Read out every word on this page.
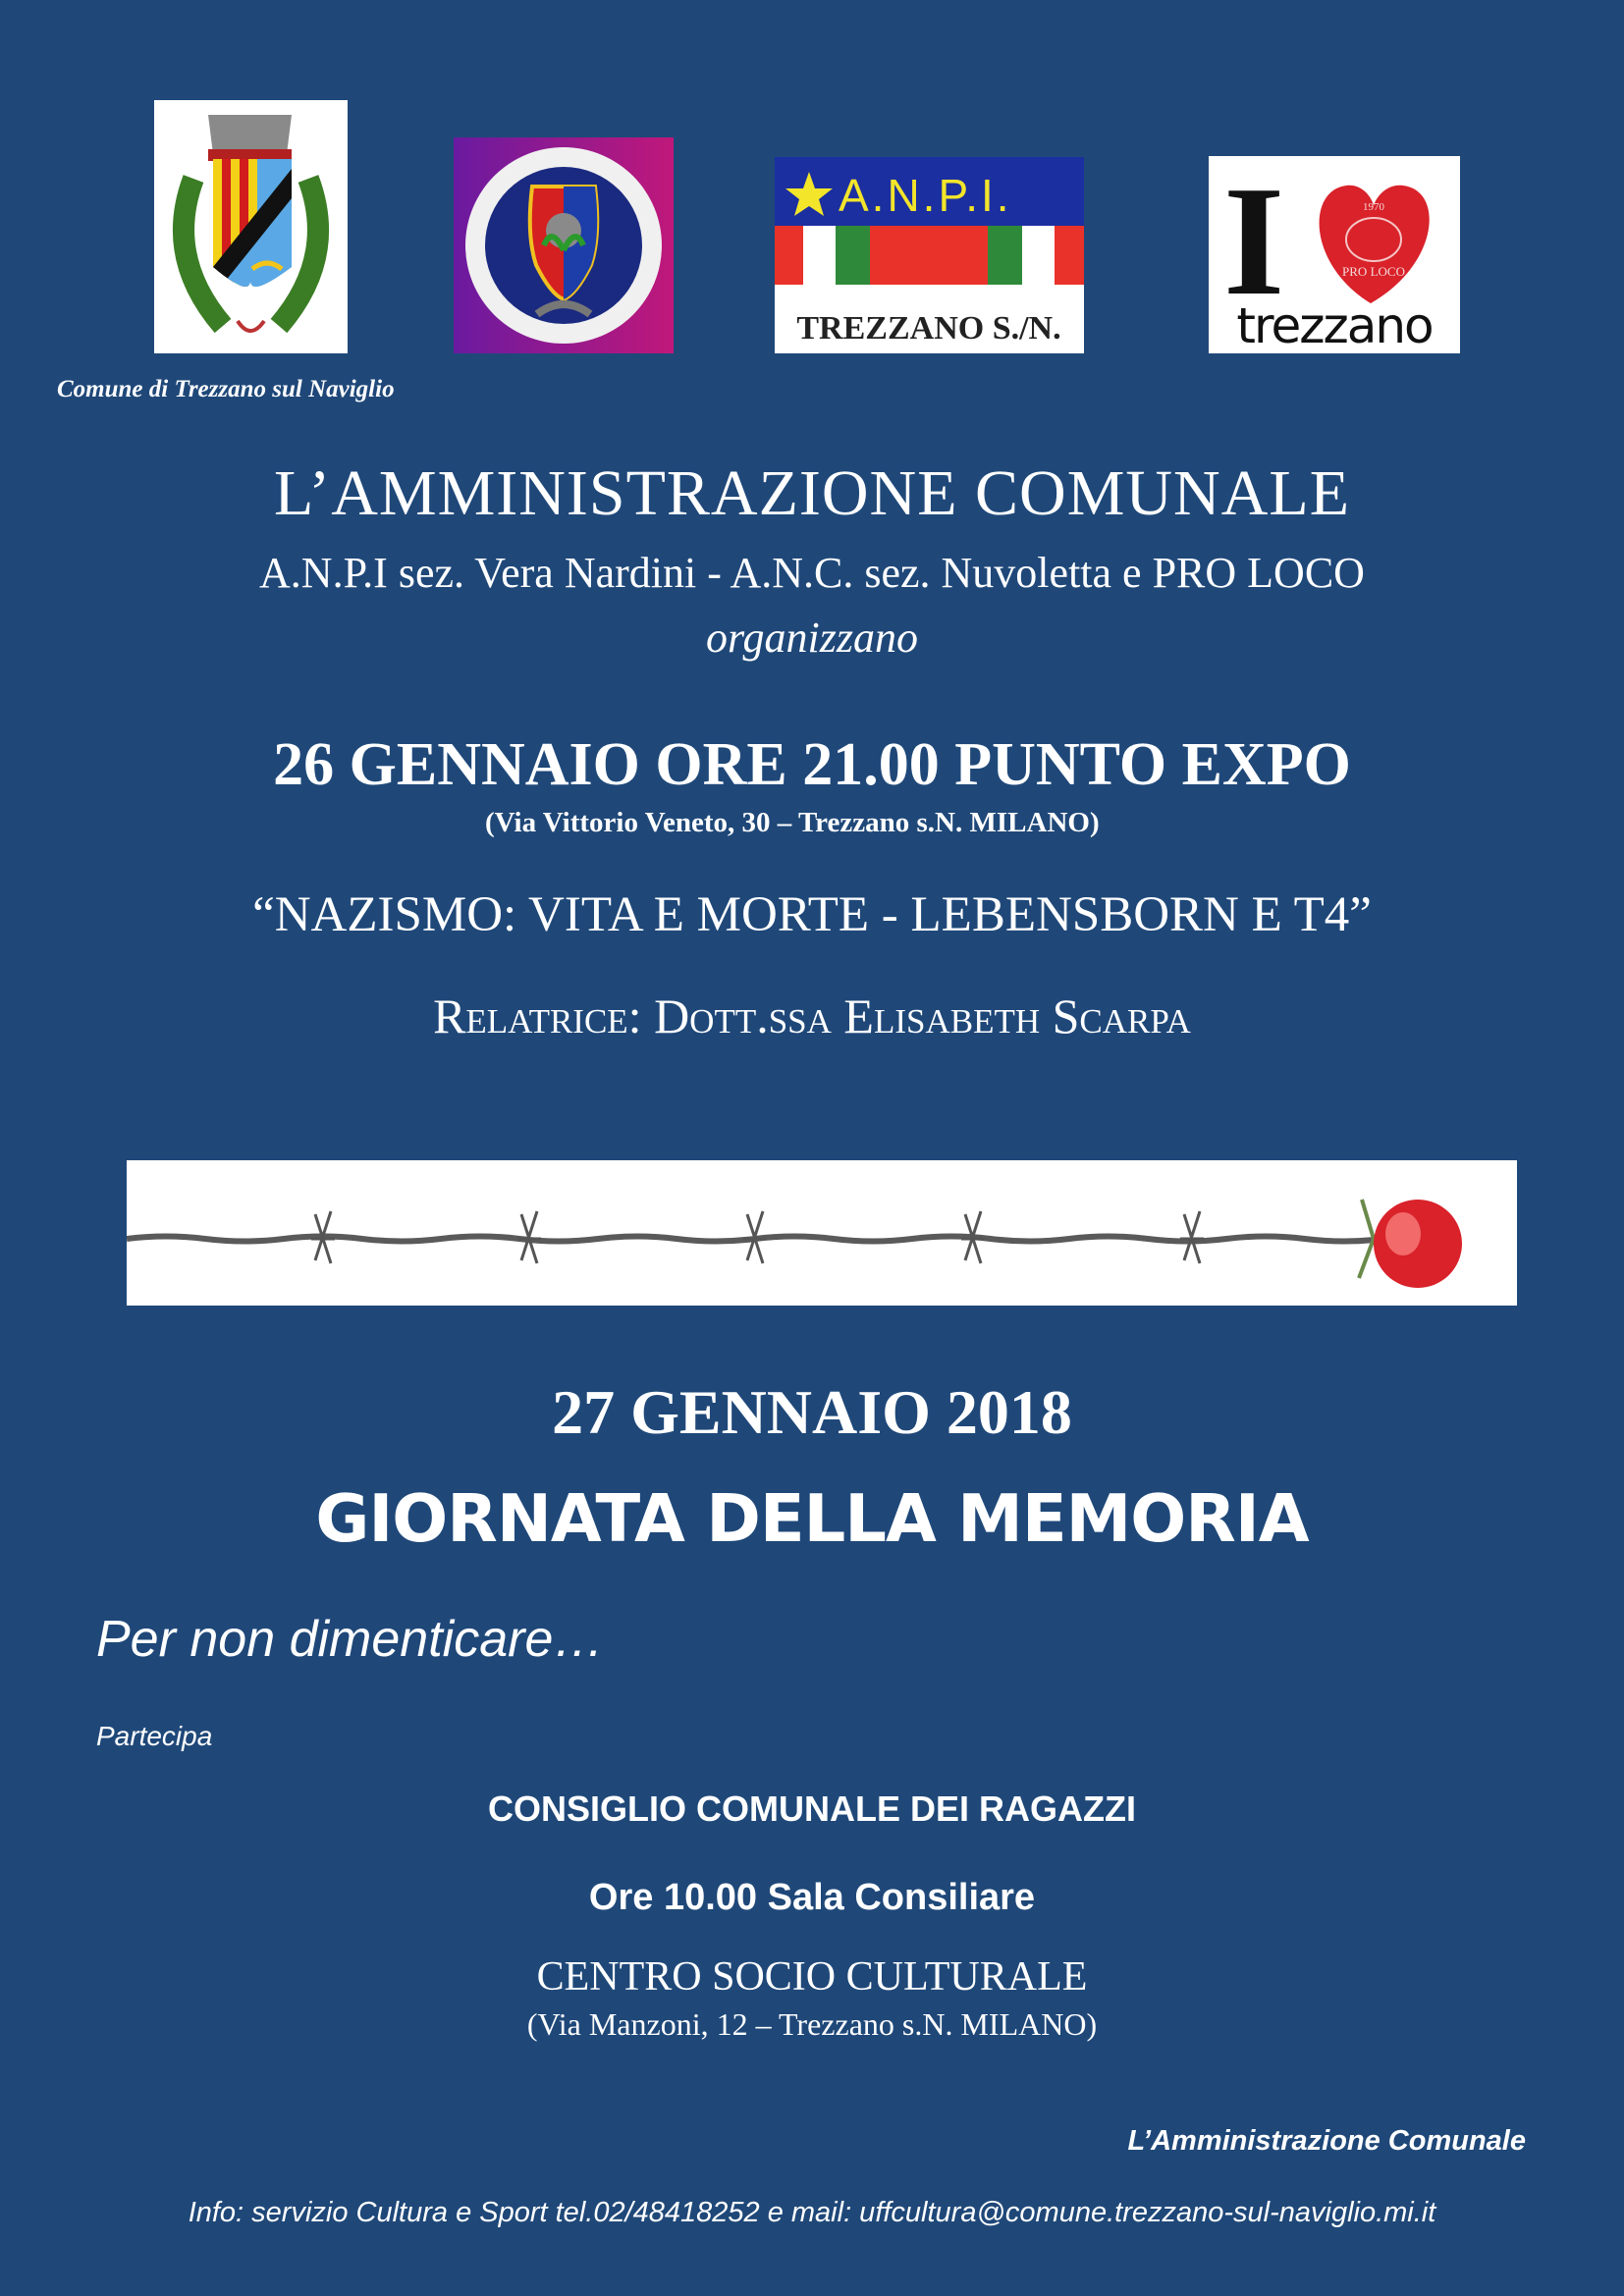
A.N.P.I.
TREZZANO S./N.
I	1970
PRO LOCO
trezzano
Comune di Trezzano sul Naviglio
L’AMMINISTRAZIONE COMUNALE
A.N.P.I sez. Vera Nardini - A.N.C. sez. Nuvoletta e PRO LOCO
organizzano
26 GENNAIO ORE 21.00 PUNTO EXPO
(Via Vittorio Veneto, 30 – Trezzano s.N. MILANO)
“NAZISMO: VITA E MORTE - LEBENSBORN E T4”
Relatrice: Dott.ssa Elisabeth Scarpa
27 GENNAIO 2018
GIORNATA DELLA MEMORIA
Per non dimenticare…
Partecipa
CONSIGLIO COMUNALE DEI RAGAZZI
Ore 10.00 Sala Consiliare
CENTRO SOCIO CULTURALE
(Via Manzoni, 12 – Trezzano s.N. MILANO)
L’Amministrazione Comunale
Info: servizio Cultura e Sport tel.02/48418252 e mail: uffcultura@comune.trezzano-sul-naviglio.mi.it
